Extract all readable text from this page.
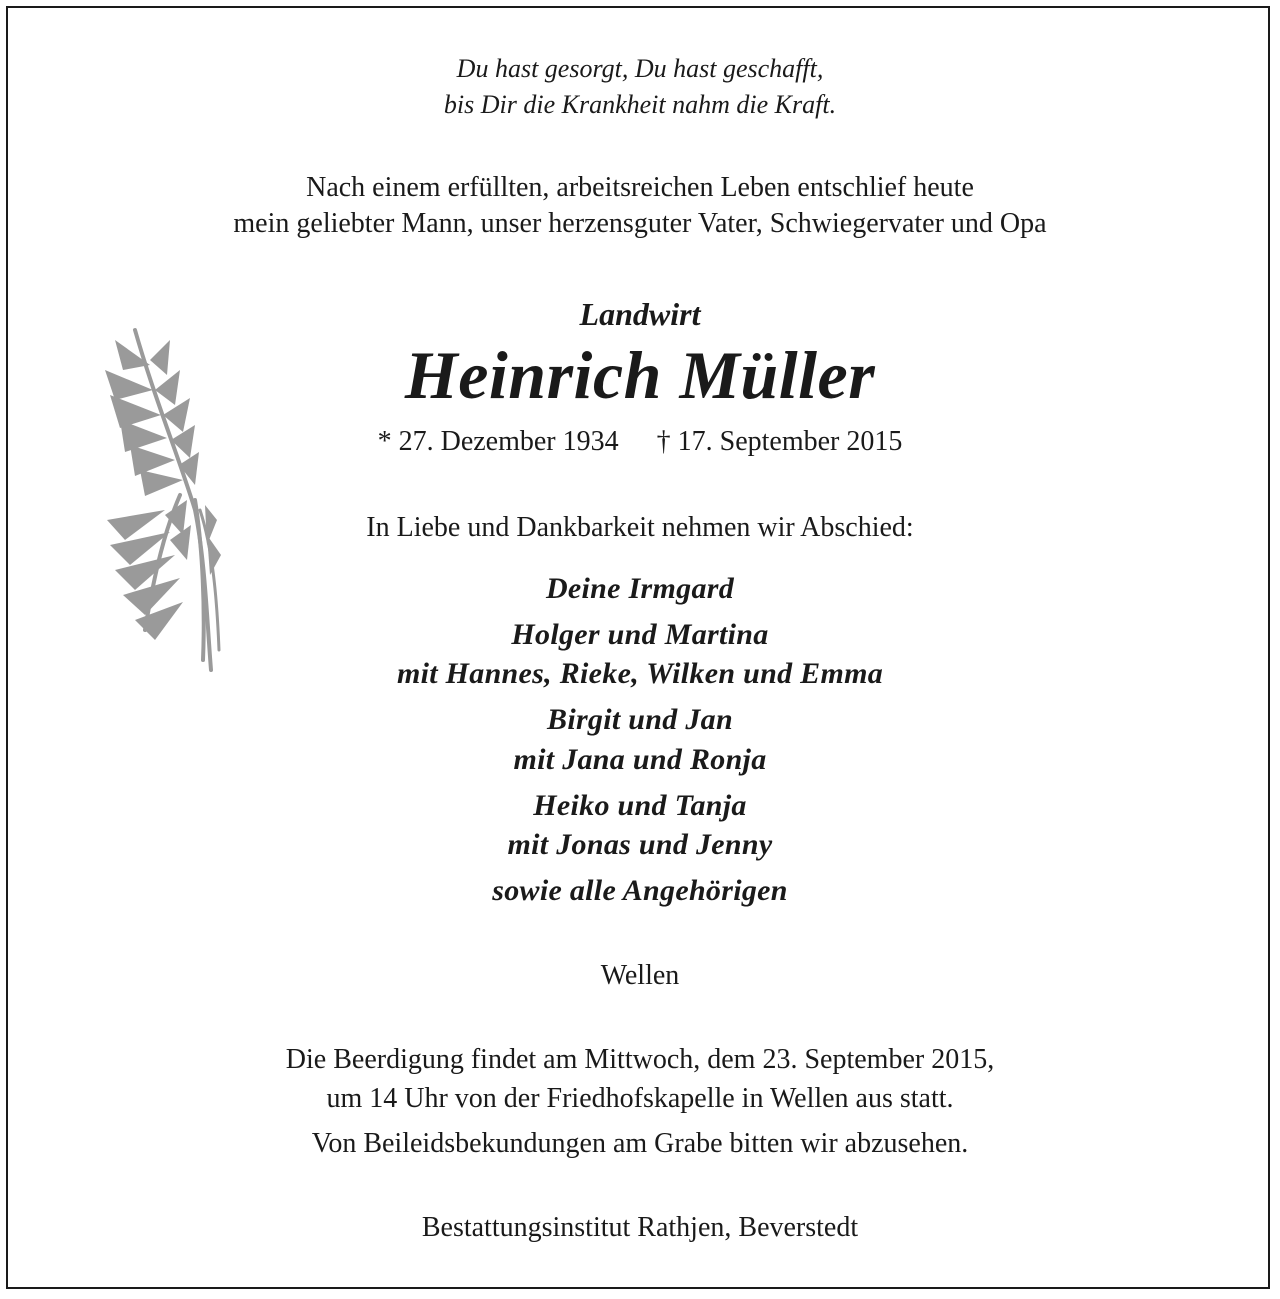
Du hast gesorgt, Du hast geschafft,
bis Dir die Krankheit nahm die Kraft.
Nach einem erfüllten, arbeitsreichen Leben entschlief heute
mein geliebter Mann, unser herzensguter Vater, Schwiegervater und Opa
Landwirt
Heinrich Müller
* 27. Dezember 1934 † 17. September 2015
In Liebe und Dankbarkeit nehmen wir Abschied:
Deine Irmgard
Holger und Martina
mit Hannes, Rieke, Wilken und Emma
Birgit und Jan
mit Jana und Ronja
Heiko und Tanja
mit Jonas und Jenny
sowie alle Angehörigen
Wellen
Die Beerdigung findet am Mittwoch, dem 23. September 2015,
um 14 Uhr von der Friedhofskapelle in Wellen aus statt.
Von Beileidsbekundungen am Grabe bitten wir abzusehen.
Bestattungsinstitut Rathjen, Beverstedt
